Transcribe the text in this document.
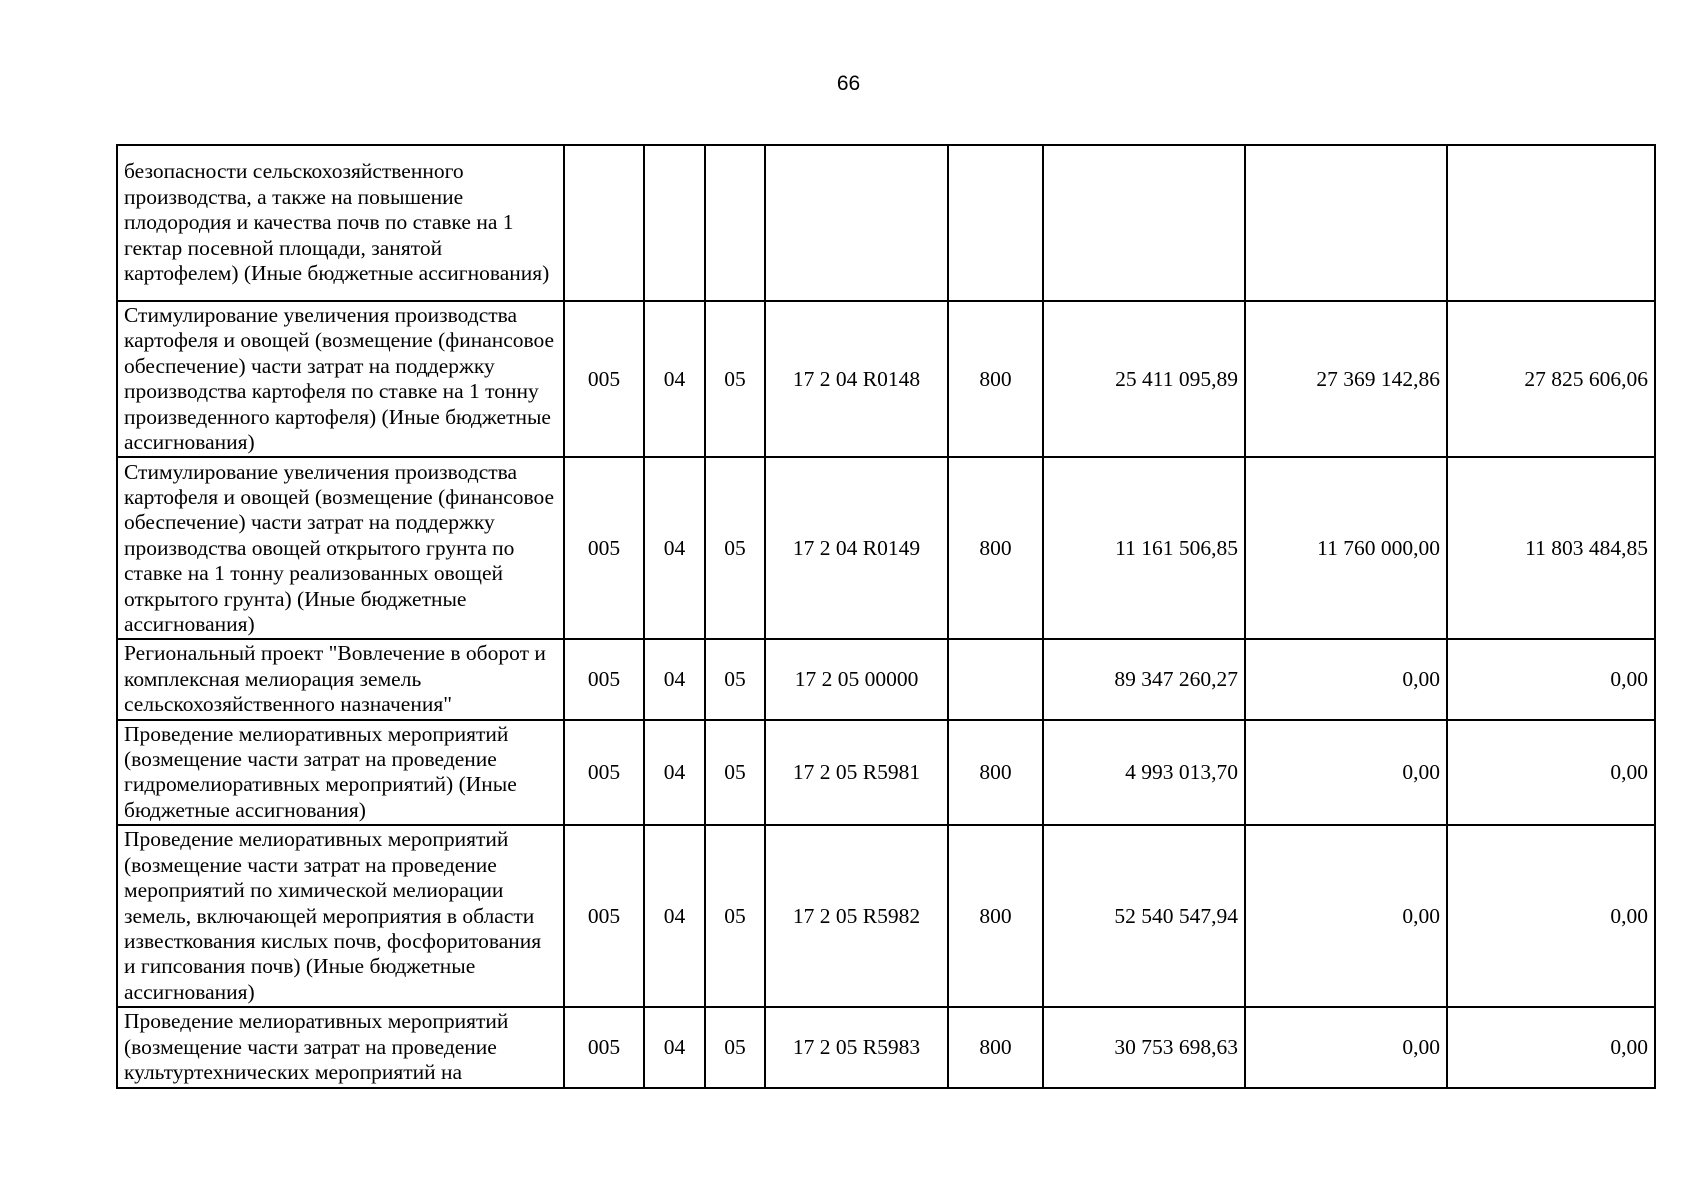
66
безопасности сельскохозяйственного производства, а также на повышение плодородия и качества почв по ставке на 1 гектар посевной площади, занятой картофелем) (Иные бюджетные ассигнования)								
Стимулирование увеличения производства картофеля и овощей (возмещение (финансовое обеспечение) части затрат на поддержку производства картофеля по ставке на 1 тонну произведенного картофеля) (Иные бюджетные ассигнования)	005	04	05	17 2 04 R0148	800	25 411 095,89	27 369 142,86	27 825 606,06
Стимулирование увеличения производства картофеля и овощей (возмещение (финансовое обеспечение) части затрат на поддержку производства овощей открытого грунта по ставке на 1 тонну реализованных овощей открытого грунта) (Иные бюджетные ассигнования)	005	04	05	17 2 04 R0149	800	11 161 506,85	11 760 000,00	11 803 484,85
Региональный проект "Вовлечение в оборот и комплексная мелиорация земель сельскохозяйственного назначения"	005	04	05	17 2 05 00000		89 347 260,27	0,00	0,00
Проведение мелиоративных мероприятий (возмещение части затрат на проведение гидромелиоративных мероприятий) (Иные бюджетные ассигнования)	005	04	05	17 2 05 R5981	800	4 993 013,70	0,00	0,00
Проведение мелиоративных мероприятий (возмещение части затрат на проведение мероприятий по химической мелиорации земель, включающей мероприятия в области известкования кислых почв, фосфоритования и гипсования почв) (Иные бюджетные ассигнования)	005	04	05	17 2 05 R5982	800	52 540 547,94	0,00	0,00
Проведение мелиоративных мероприятий (возмещение части затрат на проведение культуртехнических мероприятий на	005	04	05	17 2 05 R5983	800	30 753 698,63	0,00	0,00
